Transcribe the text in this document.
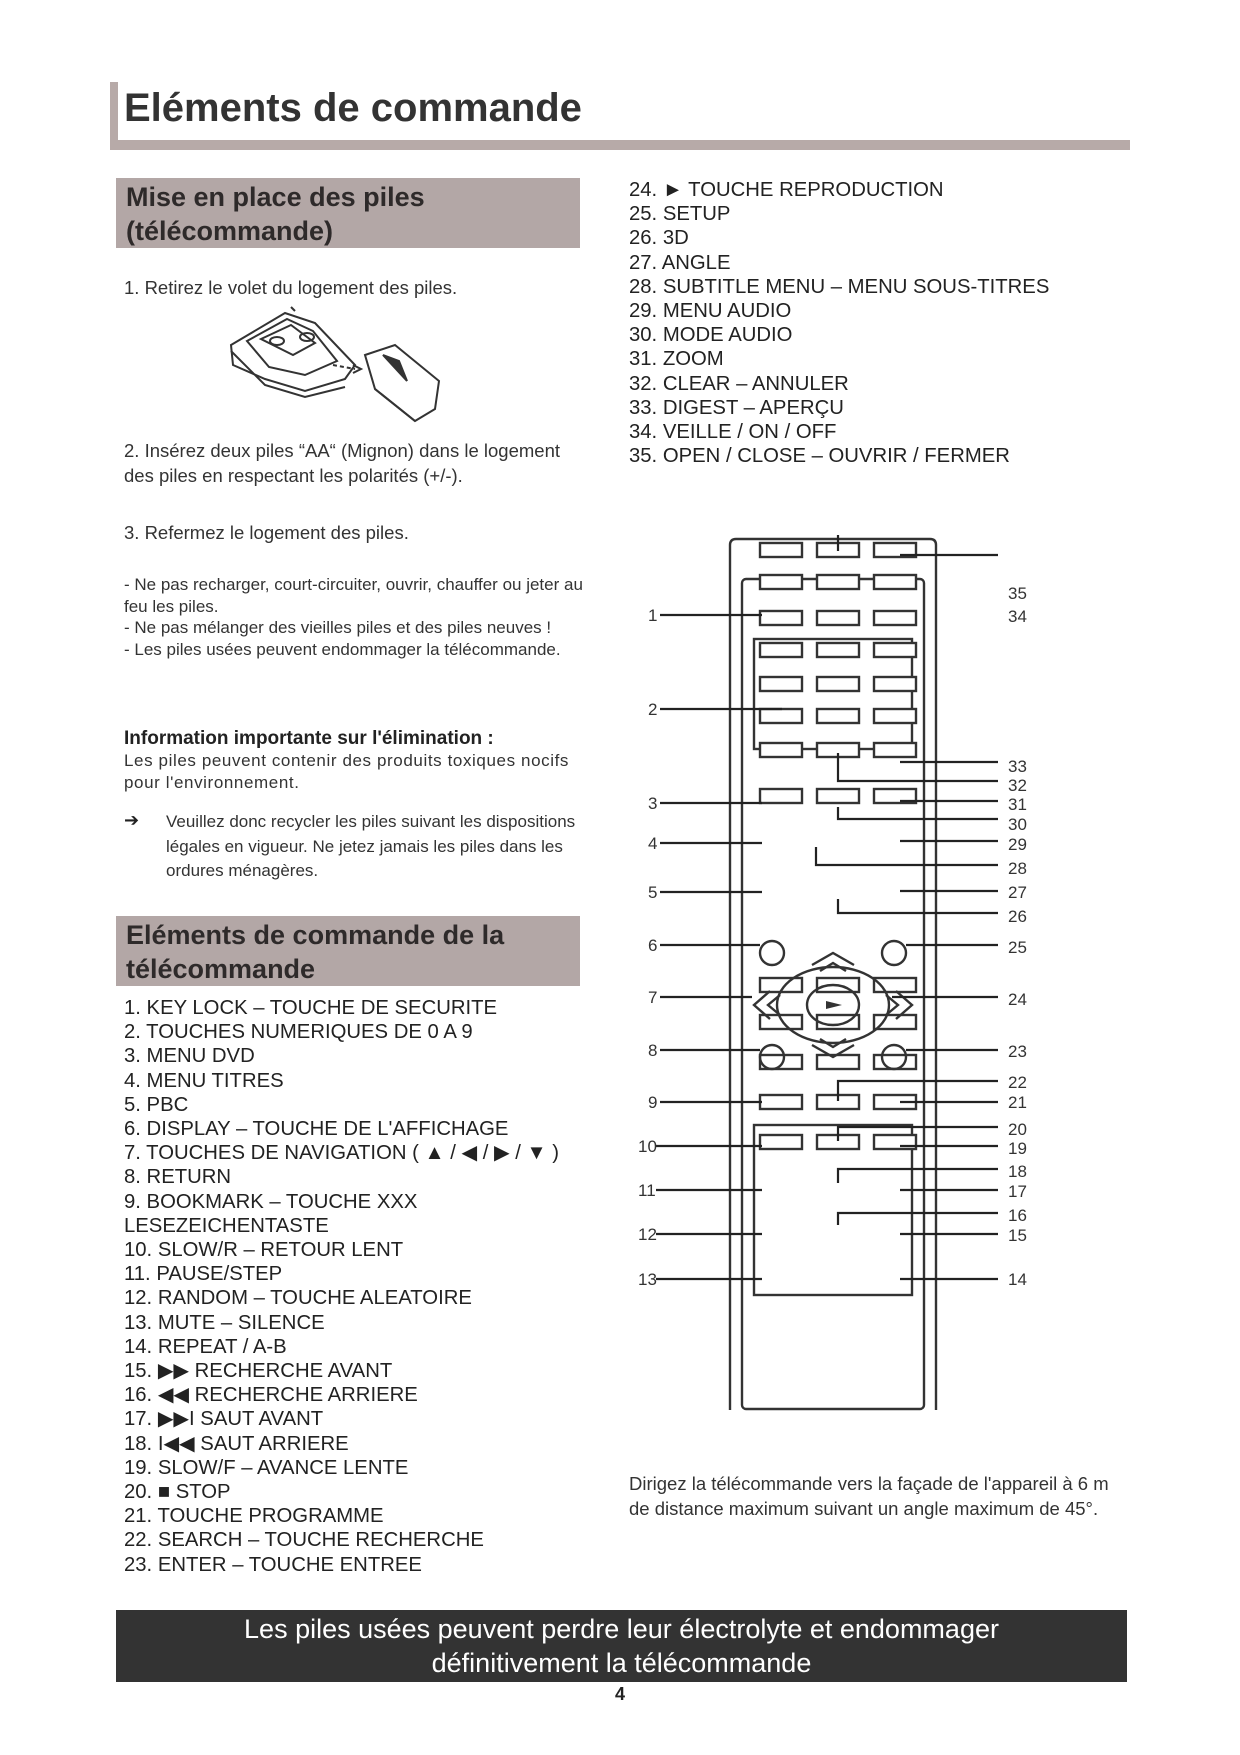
Eléments de commande
Mise en place des piles
(télécommande)
1. Retirez le volet du logement des piles.
2. Insérez deux piles “AA“ (Mignon) dans le logement des piles en respectant les polarités (+/-).
3. Refermez le logement des piles.
- Ne pas recharger, court-circuiter, ouvrir, chauffer ou jeter au feu les piles.
- Ne pas mélanger des vieilles piles et des piles neuves !
- Les piles usées peuvent endommager la télécommande.
Information importante sur l'élimination :
Les piles peuvent contenir des produits toxiques nocifs pour l'environnement.
➔ Veuillez donc recycler les piles suivant les dispositions légales en vigueur. Ne jetez jamais les piles dans les ordures ménagères.
Eléments de commande de la
télécommande
1. KEY LOCK – TOUCHE DE SECURITE
2. TOUCHES NUMERIQUES DE 0 A 9
3. MENU DVD
4. MENU TITRES
5. PBC
6. DISPLAY – TOUCHE DE L'AFFICHAGE
7. TOUCHES DE NAVIGATION ( ▲ / ◀ / ▶ / ▼ )
8. RETURN
9. BOOKMARK – TOUCHE XXX
LESEZEICHENTASTE
10. SLOW/R – RETOUR LENT
11. PAUSE/STEP
12. RANDOM – TOUCHE ALEATOIRE
13. MUTE – SILENCE
14. REPEAT / A-B
15. ▶▶ RECHERCHE AVANT
16. ◀◀ RECHERCHE ARRIERE
17. ▶▶I SAUT AVANT
18. I◀◀ SAUT ARRIERE
19. SLOW/F – AVANCE LENTE
20. ■ STOP
21. TOUCHE PROGRAMME
22. SEARCH – TOUCHE RECHERCHE
23. ENTER – TOUCHE ENTREE
24. ► TOUCHE REPRODUCTION
25. SETUP
26. 3D
27. ANGLE
28. SUBTITLE MENU – MENU SOUS-TITRES
29. MENU AUDIO
30. MODE AUDIO
31. ZOOM
32. CLEAR – ANNULER
33. DIGEST – APERÇU
34. VEILLE / ON / OFF
35. OPEN / CLOSE – OUVRIR / FERMER
1
2
3
4
5
6
7
8
9
10
11
12
13
35
34
33
32
31
30
29
28
27
26
25
24
23
22
21
20
19
18
17
16
15
14
Dirigez la télécommande vers la façade de l'appareil à 6 m de distance maximum suivant un angle maximum de 45°.
Les piles usées peuvent perdre leur électrolyte et endommager
définitivement la télécommande
4
